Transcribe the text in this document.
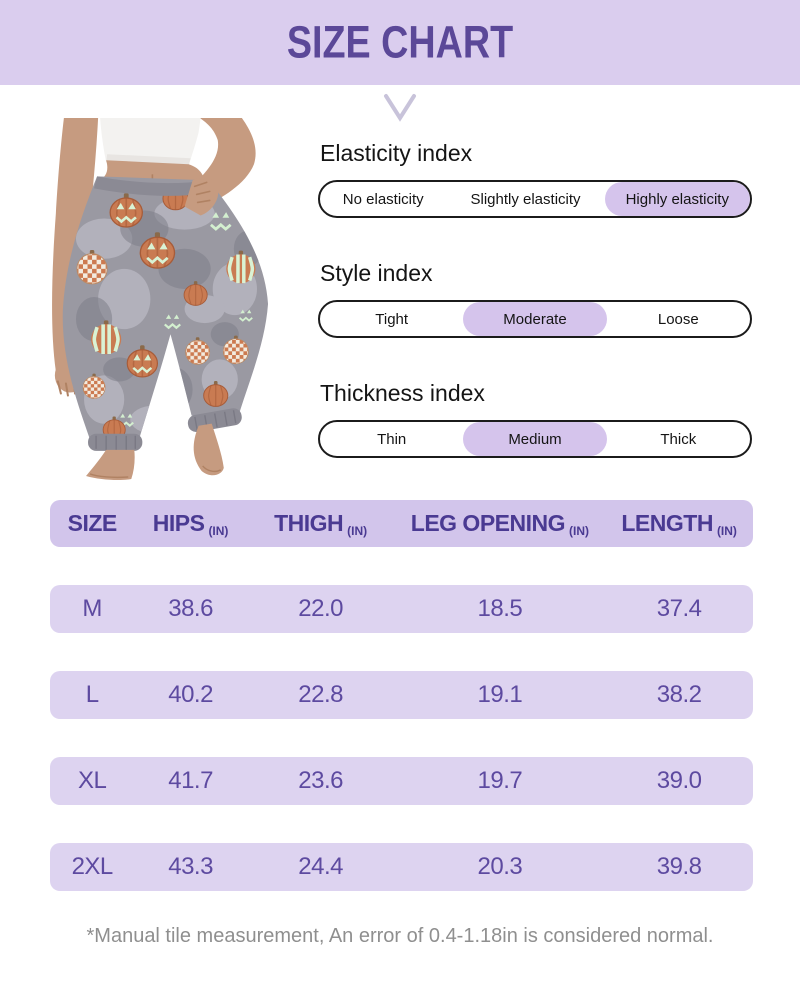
SIZE CHART

Elasticity index

No elasticity	Slightly elasticity	Highly elasticity

Style index

Tight	Moderate	Loose

Thickness index

Thin	Medium	Thick
SIZE HIPS (IN) THIGH (IN) LEG OPENING (IN) LENGTH (IN)
M	38.6	22.0	18.5	37.4
L	40.2	22.8	19.1	38.2
XL	41.7	23.6	19.7	39.0
2XL	43.3	24.4	20.3	39.8
*Manual tile measurement, An error of 0.4-1.18in is considered normal.
